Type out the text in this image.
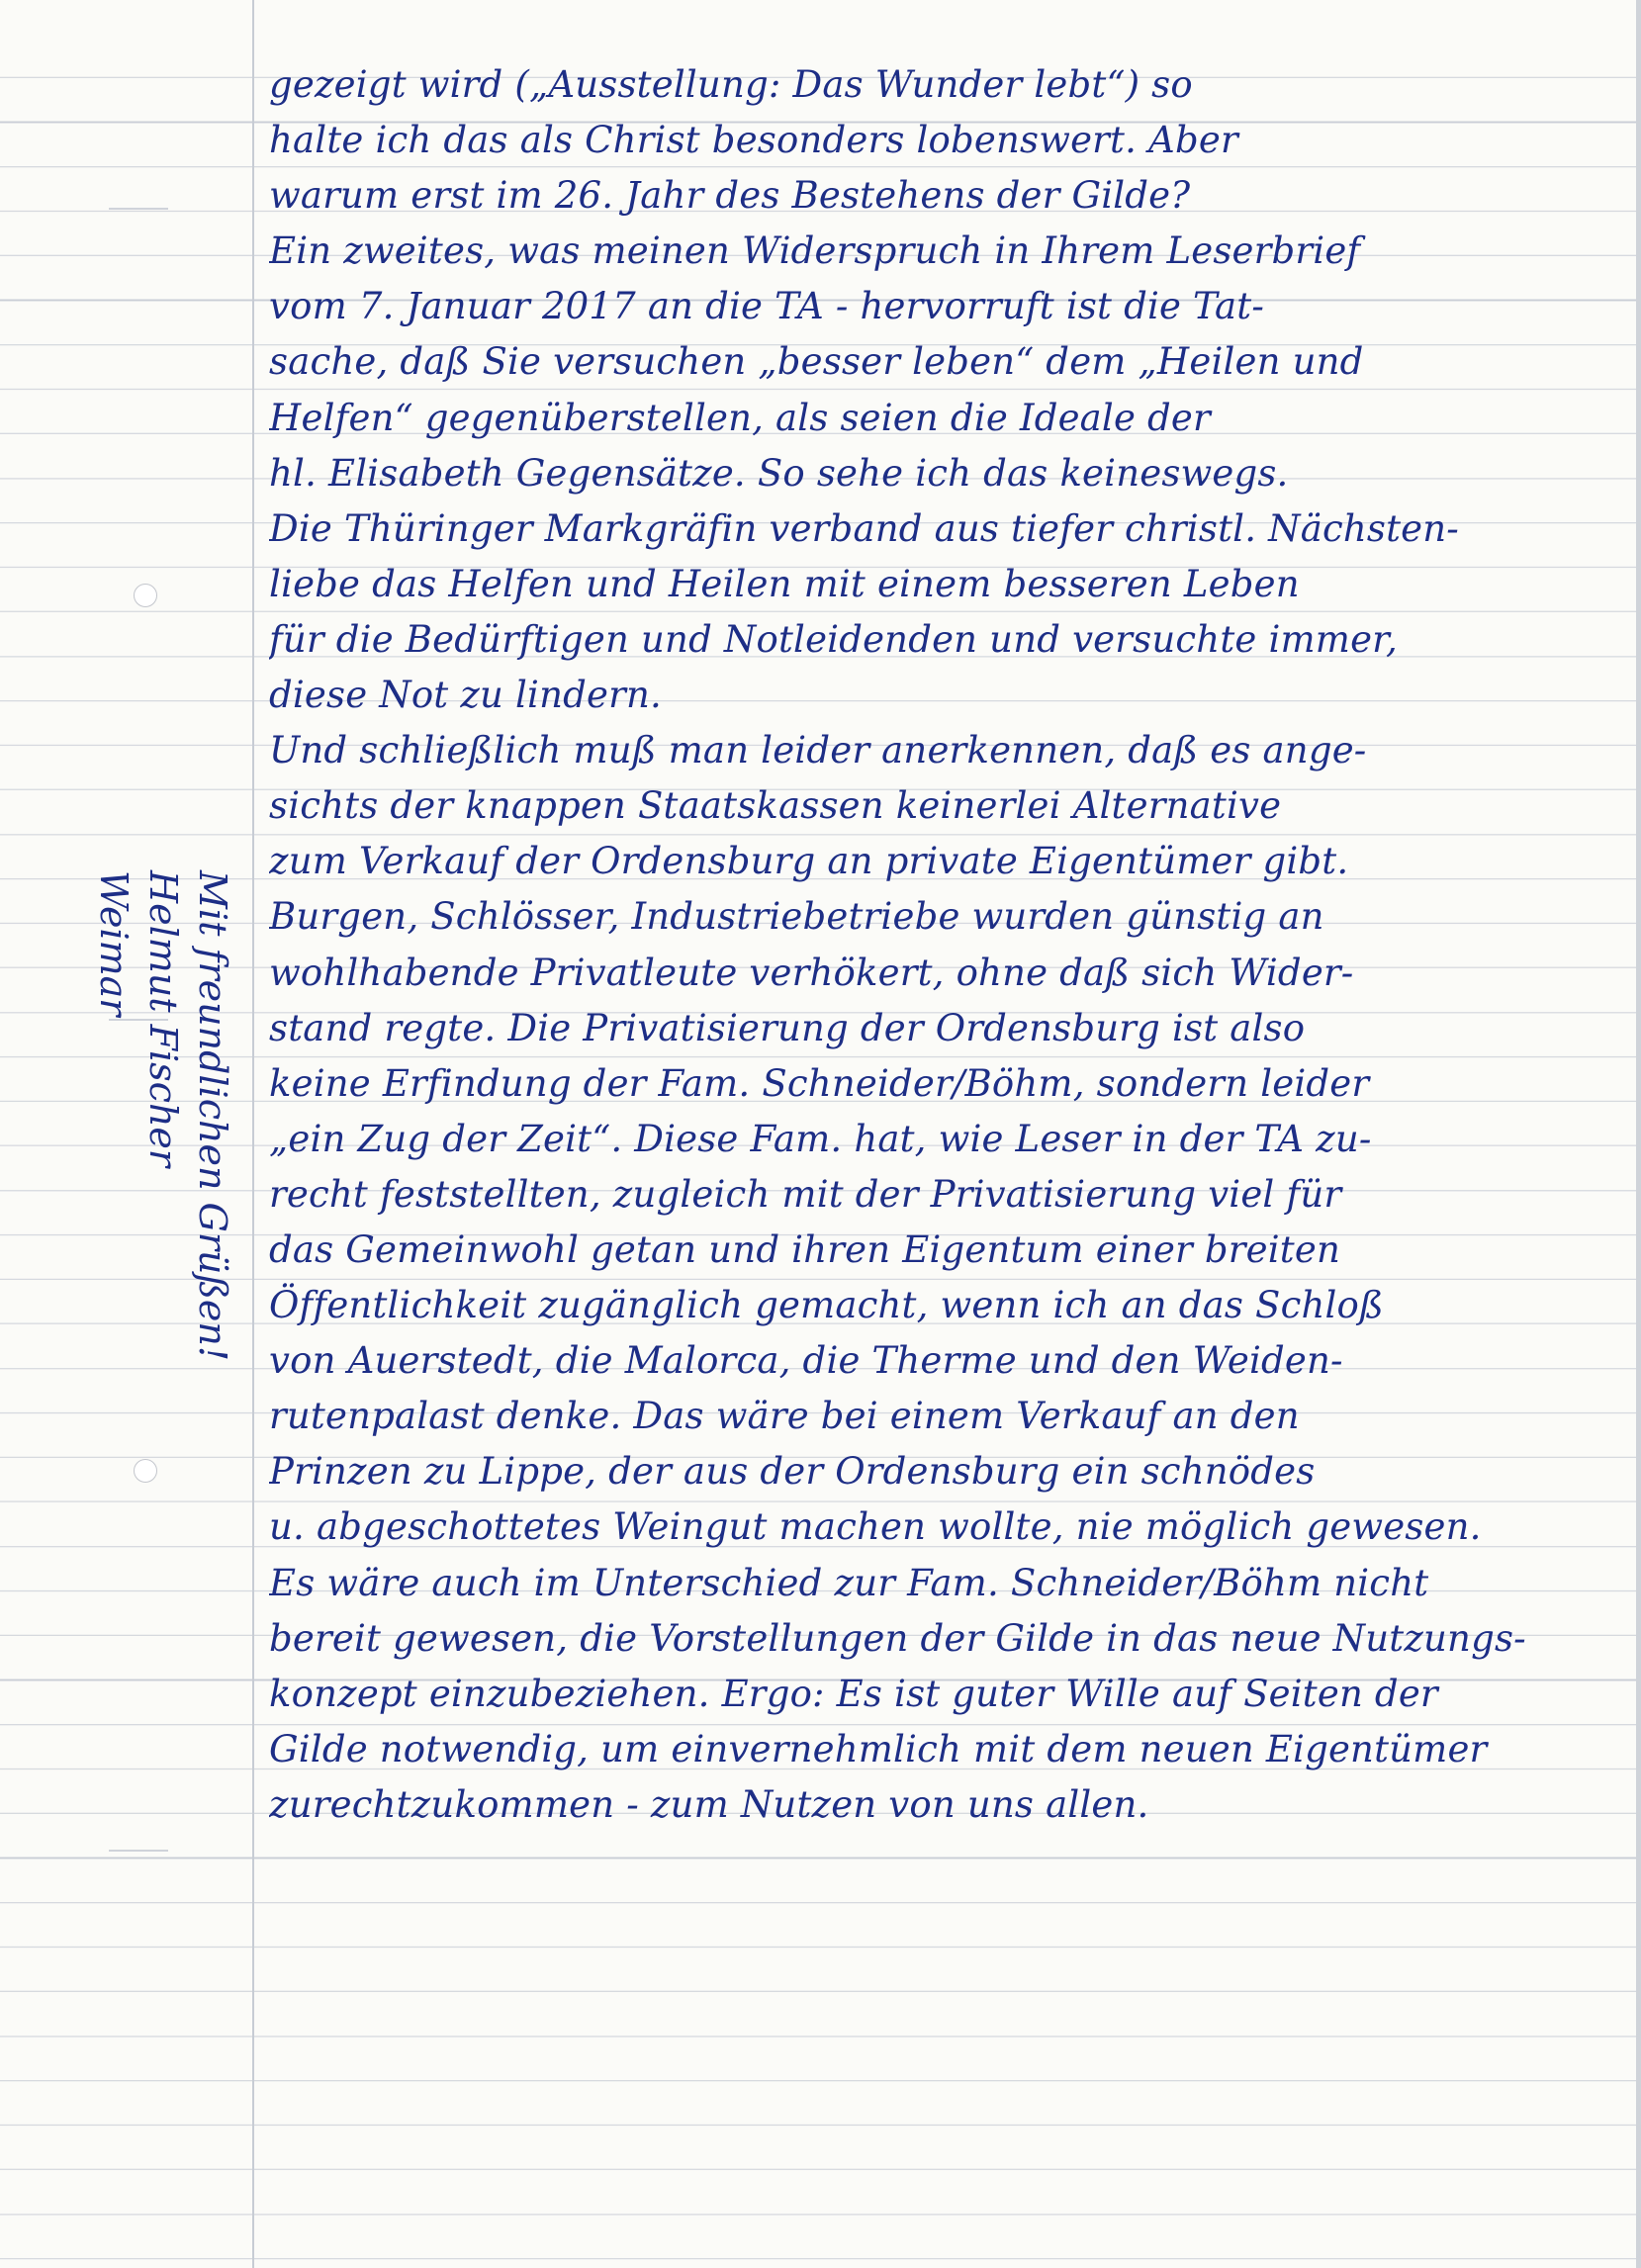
gezeigt wird („Ausstellung: Das Wunder lebt“) so
halte ich das als Christ besonders lobenswert. Aber
warum erst im 26. Jahr des Bestehens der Gilde?
Ein zweites, was meinen Widerspruch in Ihrem Leserbrief
vom 7. Januar 2017 an die TA - hervorruft ist die Tat-
sache, daß Sie versuchen „besser leben“ dem „Heilen und
Helfen“ gegenüberstellen, als seien die Ideale der
hl. Elisabeth Gegensätze. So sehe ich das keineswegs.
Die Thüringer Markgräfin verband aus tiefer christl. Nächsten-
liebe das Helfen und Heilen mit einem besseren Leben
für die Bedürftigen und Notleidenden und versuchte immer,
diese Not zu lindern.
Und schließlich muß man leider anerkennen, daß es ange-
sichts der knappen Staatskassen keinerlei Alternative
zum Verkauf der Ordensburg an private Eigentümer gibt.
Burgen, Schlösser, Industriebetriebe wurden günstig an
wohlhabende Privatleute verhökert, ohne daß sich Wider-
stand regte. Die Privatisierung der Ordensburg ist also
keine Erfindung der Fam. Schneider/Böhm, sondern leider
„ein Zug der Zeit“. Diese Fam. hat, wie Leser in der TA zu-
recht feststellten, zugleich mit der Privatisierung viel für
das Gemeinwohl getan und ihren Eigentum einer breiten
Öffentlichkeit zugänglich gemacht, wenn ich an das Schloß
von Auerstedt, die Malorca, die Therme und den Weiden-
rutenpalast denke. Das wäre bei einem Verkauf an den
Prinzen zu Lippe, der aus der Ordensburg ein schnödes
u. abgeschottetes Weingut machen wollte, nie möglich gewesen.
Es wäre auch im Unterschied zur Fam. Schneider/Böhm nicht
bereit gewesen, die Vorstellungen der Gilde in das neue Nutzungs-
konzept einzubeziehen. Ergo: Es ist guter Wille auf Seiten der
Gilde notwendig, um einvernehmlich mit dem neuen Eigentümer
zurechtzukommen - zum Nutzen von uns allen.
Mit freundlichen Grüßen!
Helmut Fischer
Weimar
